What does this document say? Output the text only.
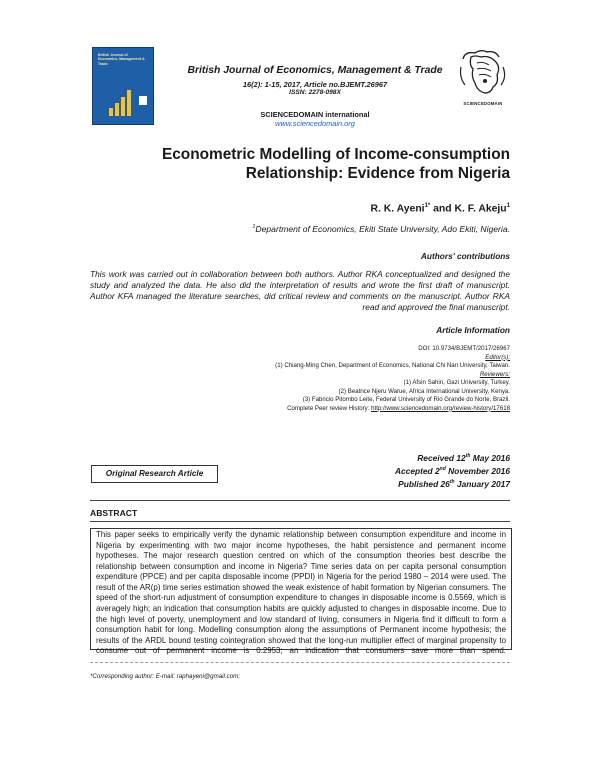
British Journal of Economics, Management & Trade
British Journal of Economics, Management & Trade
16(2): 1-15, 2017, Article no.BJEMT.26967
ISSN: 2278-098X
SCIENCEDOMAIN international
www.sciencedomain.org
SCIENCEDOMAIN
Econometric Modelling of Income-consumption
Relationship: Evidence from Nigeria
R. K. Ayeni$^{1*}$ and K. F. Akeju$^1$
$^1$Department of Economics, Ekiti State University, Ado Ekiti, Nigeria.
Authors' contributions
This work was carried out in collaboration between both authors. Author RKA conceptualized and designed the study and analyzed the data. He also did the interpretation of results and wrote the first draft of manuscript. Author KFA managed the literature searches, did critical review and comments on the manuscript. Author RKA read and approved the final manuscript.
Article Information
DOI: 10.9734/BJEMT/2017/26967
Editor(s):
(1) Chiang-Ming Chen, Department of Economics, National Chi Nan University, Taiwan.
Reviewers:
(1) Afsin Sahin, Gazi University, Turkey.
(2) Beatrice Njeru Warue, Africa International University, Kenya.
(3) Fabricio Pitombo Leite, Federal University of Rio Grande do Norte, Brazil.
Complete Peer review History: http://www.sciencedomain.org/review-history/17618
Received 12th May 2016
Accepted 2nd November 2016
Published 26th January 2017
Original Research Article
ABSTRACT
This paper seeks to empirically verify the dynamic relationship between consumption expenditure and income in Nigeria by experimenting with two major income hypotheses, the habit persistence and permanent income hypotheses. The major research question centred on which of the consumption theories best describe the relationship between consumption and income in Nigeria? Time series data on per capita personal consumption expenditure (PPCE) and per capita disposable income (PPDI) in Nigeria for the period 1980 – 2014 were used. The result of the AR(p) time series estimation showed the weak existence of habit formation by Nigerian consumers. The speed of the short-run adjustment of consumption expenditure to changes in disposable income is 0.5569, which is averagely high; an indication that consumption habits are quickly adjusted to changes in disposable income. Due to the high level of poverty, unemployment and low standard of living, consumers in Nigeria find it difficult to form a consumption habit for long. Modelling consumption along the assumptions of Permanent income hypothesis; the results of the ARDL bound testing cointegration showed that the long-run multiplier effect of marginal propensity to consume out of permanent income is 0.2953; an indication that consumers save more than spend.
*Corresponding author: E-mail: raphayeni@gmail.com;
